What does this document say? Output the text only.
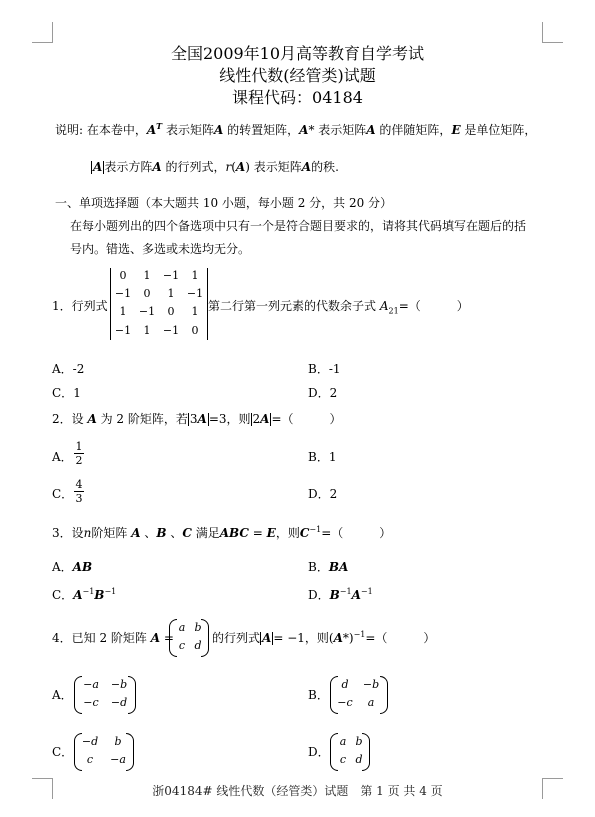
全国2009年10月高等教育自学考试
线性代数(经管类)试题
课程代码：04184
说明: 在本卷中，$A^T$ 表示矩阵A 的转置矩阵，A* 表示矩阵A 的伴随矩阵，E 是单位矩阵，
A 表示方阵A 的行列式，r(A) 表示矩阵A的秩.
一、单项选择题（本大题共 10 小题，每小题 2 分，共 20 分）
在每小题列出的四个备选项中只有一个是符合题目要求的，请将其代码填写在题后的括
号内。错选、多选或未选均无分。
1．行列式
0	1	−1	1
−1	0	1	−1
1	−1	0	1
−1	1	−1	0
第二行第一列元素的代数余子式 $A_{21}=$（　　　）
A．-2	B．-1
C．1	D．2
2．设 A 为 2 阶矩阵，若 3A =3，则 2A =（　　　）
A． $\frac{1}{2}$	B．1
C． $\frac{4}{3}$	D．2
3．设n阶矩阵 A 、B 、C 满足ABC = E，则$C^{-1}=$（　　　）
A．AB	B．BA
C．$A^{-1}B^{-1}$	D．$B^{-1}A^{-1}$
4．已知 2 阶矩阵 A =
a b
c d
的行列式 A = −1，则$(A*)^{-1}=$（　　　）
A．
−a −b
−c	−d
B．
d	−b
−c	a
C．
−d	b
c	−a
D．
a b
c d
浙04184# 线性代数（经管类）试题　第 1 页 共 4 页
